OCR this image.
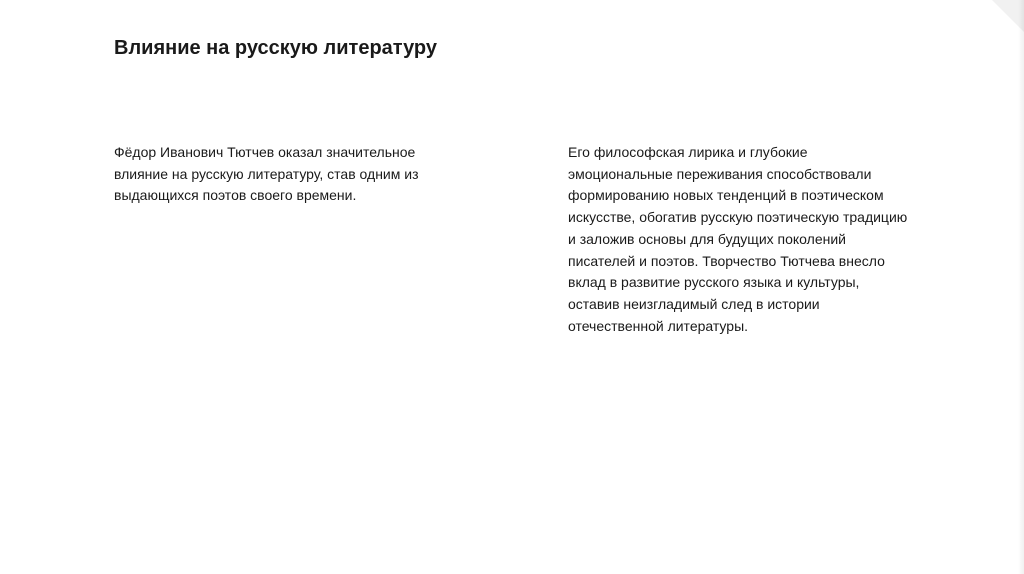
Влияние на русскую литературу

Фёдор Иванович Тютчев оказал значительное влияние на русскую литературу, став одним из выдающихся поэтов своего времени.

Его философская лирика и глубокие эмоциональные переживания способствовали формированию новых тенденций в поэтическом искусстве, обогатив русскую поэтическую традицию и заложив основы для будущих поколений писателей и поэтов. Творчество Тютчева внесло вклад в развитие русского языка и культуры, оставив неизгладимый след в истории отечественной литературы.
